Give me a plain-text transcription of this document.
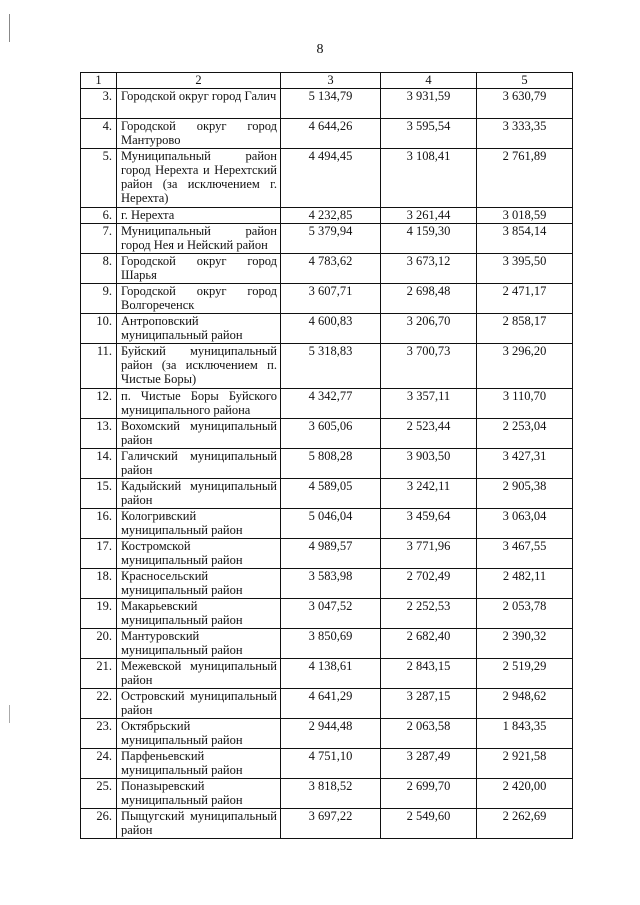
8
1	2	3	4	5
3.	Городской округ город Галич	5 134,79	3 931,59	3 630,79
4.	Городской округ город Мантурово	4 644,26	3 595,54	3 333,35
5.	Муниципальный район город Нерехта и Нерехтский район (за исключением г. Нерехта)	4 494,45	3 108,41	2 761,89
6.	г. Нерехта	4 232,85	3 261,44	3 018,59
7.	Муниципальный район город Нея и Нейский район	5 379,94	4 159,30	3 854,14
8.	Городской округ город Шарья	4 783,62	3 673,12	3 395,50
9.	Городской округ город Волгореченск	3 607,71	2 698,48	2 471,17
10.	Антроповский муниципальный район	4 600,83	3 206,70	2 858,17
11.	Буйский муниципальный район (за исключением п. Чистые Боры)	5 318,83	3 700,73	3 296,20
12.	п. Чистые Боры Буйского муниципального района	4 342,77	3 357,11	3 110,70
13.	Вохомский муниципальный район	3 605,06	2 523,44	2 253,04
14.	Галичский муниципальный район	5 808,28	3 903,50	3 427,31
15.	Кадыйский муниципальный район	4 589,05	3 242,11	2 905,38
16.	Кологривский муниципальный район	5 046,04	3 459,64	3 063,04
17.	Костромской муниципальный район	4 989,57	3 771,96	3 467,55
18.	Красносельский муниципальный район	3 583,98	2 702,49	2 482,11
19.	Макарьевский муниципальный район	3 047,52	2 252,53	2 053,78
20.	Мантуровский муниципальный район	3 850,69	2 682,40	2 390,32
21.	Межевской муниципальный район	4 138,61	2 843,15	2 519,29
22.	Островский муниципальный район	4 641,29	3 287,15	2 948,62
23.	Октябрьский муниципальный район	2 944,48	2 063,58	1 843,35
24.	Парфеньевский муниципальный район	4 751,10	3 287,49	2 921,58
25.	Поназыревский муниципальный район	3 818,52	2 699,70	2 420,00
26.	Пыщугский муниципальный район	3 697,22	2 549,60	2 262,69
